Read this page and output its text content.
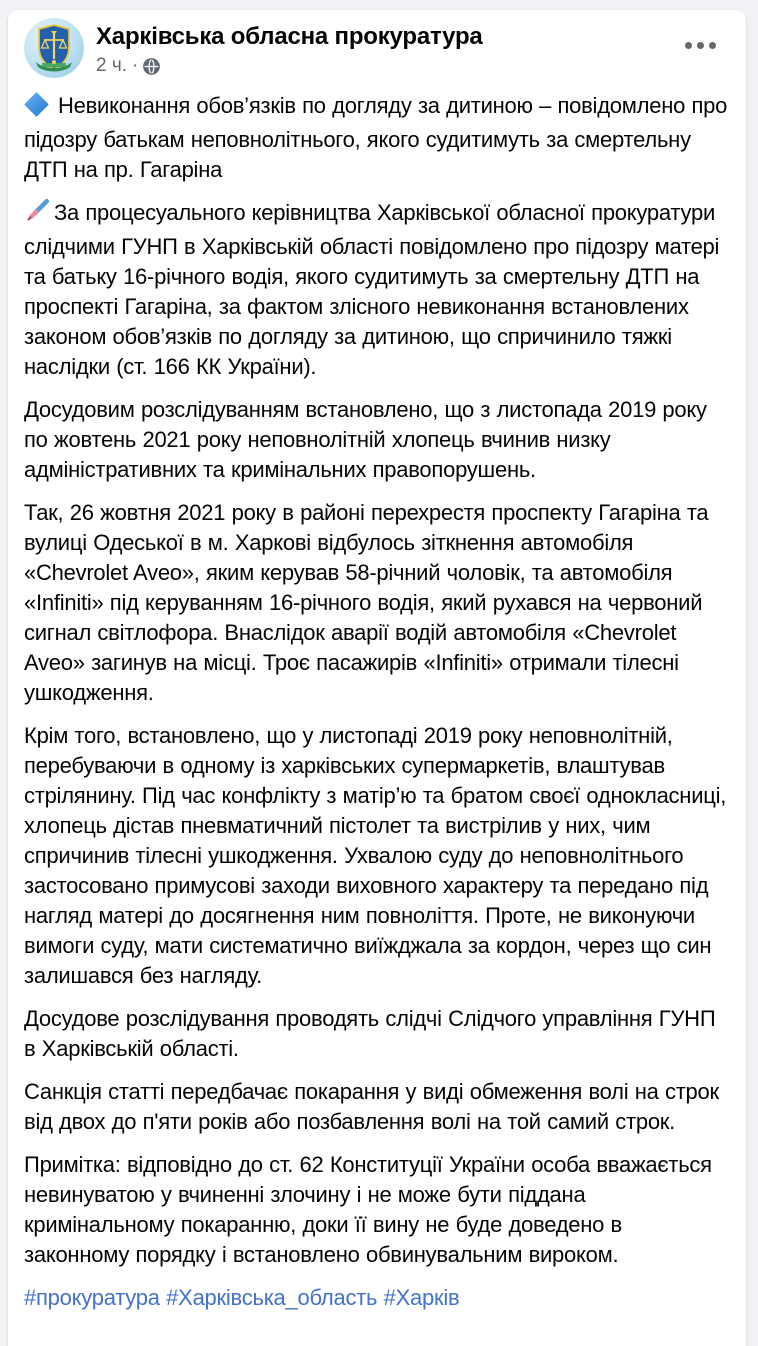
Харківська обласна прокуратура
2 ч. ·

Невиконання обов’язків по догляду за дитиною – повідомлено про підозру батькам неповнолітнього, якого судитимуть за смертельну ДТП на пр. Гагаріна

За процесуального керівництва Харківської обласної прокуратури слідчими ГУНП в Харківській області повідомлено про підозру матері та батьку 16-річного водія, якого судитимуть за смертельну ДТП на проспекті Гагаріна, за фактом злісного невиконання встановлених законом обов’язків по догляду за дитиною, що спричинило тяжкі наслідки (ст. 166 КК України).

Досудовим розслідуванням встановлено, що з листопада 2019 року по жовтень 2021 року неповнолітній хлопець вчинив низку адміністративних та кримінальних правопорушень.

Так, 26 жовтня 2021 року в районі перехрестя проспекту Гагаріна та вулиці Одеської в м. Харкові відбулось зіткнення автомобіля «Chevrolet Aveo», яким керував 58-річний чоловік, та автомобіля «Infiniti» під керуванням 16-річного водія, який рухався на червоний сигнал світлофора. Внаслідок аварії водій автомобіля «Chevrolet Aveo» загинув на місці. Троє пасажирів «Infiniti» отримали тілесні ушкодження.

Крім того, встановлено, що у листопаді 2019 року неповнолітній, перебуваючи в одному із харківських супермаркетів, влаштував стрілянину. Під час конфлікту з матір’ю та братом своєї однокласниці, хлопець дістав пневматичний пістолет та вистрілив у них, чим спричинив тілесні ушкодження. Ухвалою суду до неповнолітнього застосовано примусові заходи виховного характеру та передано під нагляд матері до досягнення ним повноліття. Проте, не виконуючи вимоги суду, мати систематично виїжджала за кордон, через що син залишався без нагляду.

Досудове розслідування проводять слідчі Слідчого управління ГУНП в Харківській області.

Санкція статті передбачає покарання у виді обмеження волі на строк від двох до п'яти років або позбавлення волі на той самий строк.

Примітка: відповідно до ст. 62 Конституції України особа вважається невинуватою у вчиненні злочину і не може бути піддана кримінальному покаранню, доки її вину не буде доведено в законному порядку і встановлено обвинувальним вироком.

#прокуратура #Харківська_область #Харків
